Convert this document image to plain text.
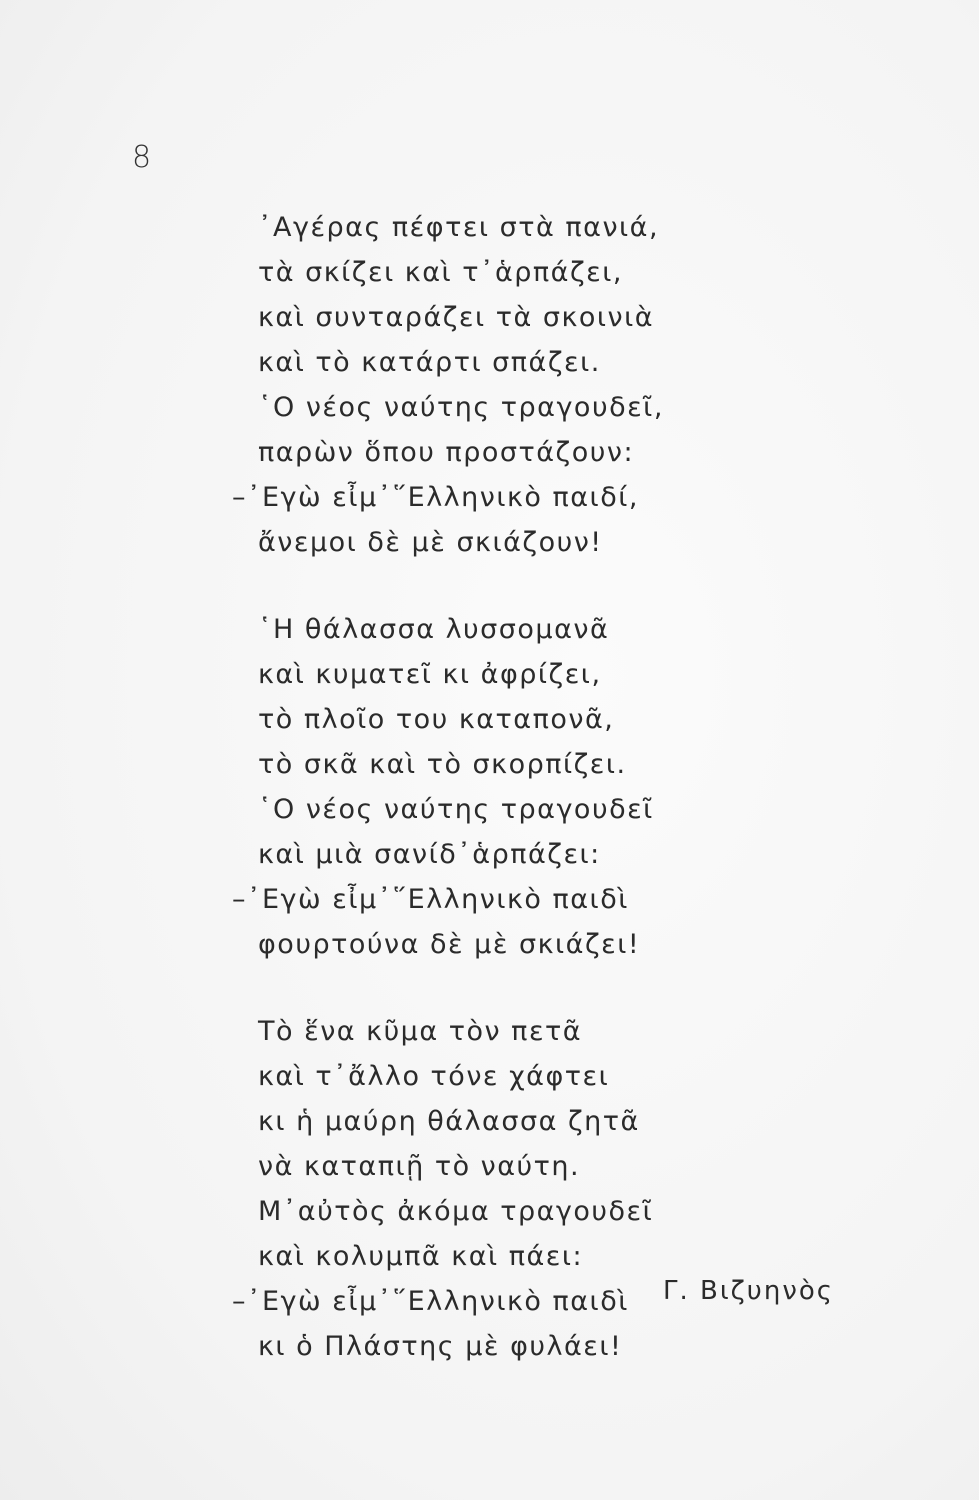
8
᾿Αγέρας πέφτει στὰ πανιά,
τὰ σκίζει καὶ τ᾿ἁρπάζει,
καὶ συνταράζει τὰ σκοινιὰ
καὶ τὸ κατάρτι σπάζει.
῾Ο νέος ναύτης τραγουδεῖ,
παρὼν ὅπου προστάζουν:
–᾿Εγὼ εἶμ᾿῞Ελληνικὸ παιδί,
ἄνεμοι δὲ μὲ σκιάζουν!
῾Η θάλασσα λυσσομανᾶ
καὶ κυματεῖ κι ἀφρίζει,
τὸ πλοῖο του καταπονᾶ,
τὸ σκᾶ καὶ τὸ σκορπίζει.
῾Ο νέος ναύτης τραγουδεῖ
καὶ μιὰ σανίδ᾿ἁρπάζει:
–᾿Εγὼ εἶμ᾿῞Ελληνικὸ παιδὶ
φουρτούνα δὲ μὲ σκιάζει!
Τὸ ἕνα κῦμα τὸν πετᾶ
καὶ τ᾿ἄλλο τόνε χάφτει
κι ἡ μαύρη θάλασσα ζητᾶ
νὰ καταπιῇ τὸ ναύτη.
Μ᾿αὐτὸς ἀκόμα τραγουδεῖ
καὶ κολυμπᾶ καὶ πάει:
–᾿Εγὼ εἶμ᾿῞Ελληνικὸ παιδὶ
κι ὁ Πλάστης μὲ φυλάει!
Γ. Βιζυηνὸς
